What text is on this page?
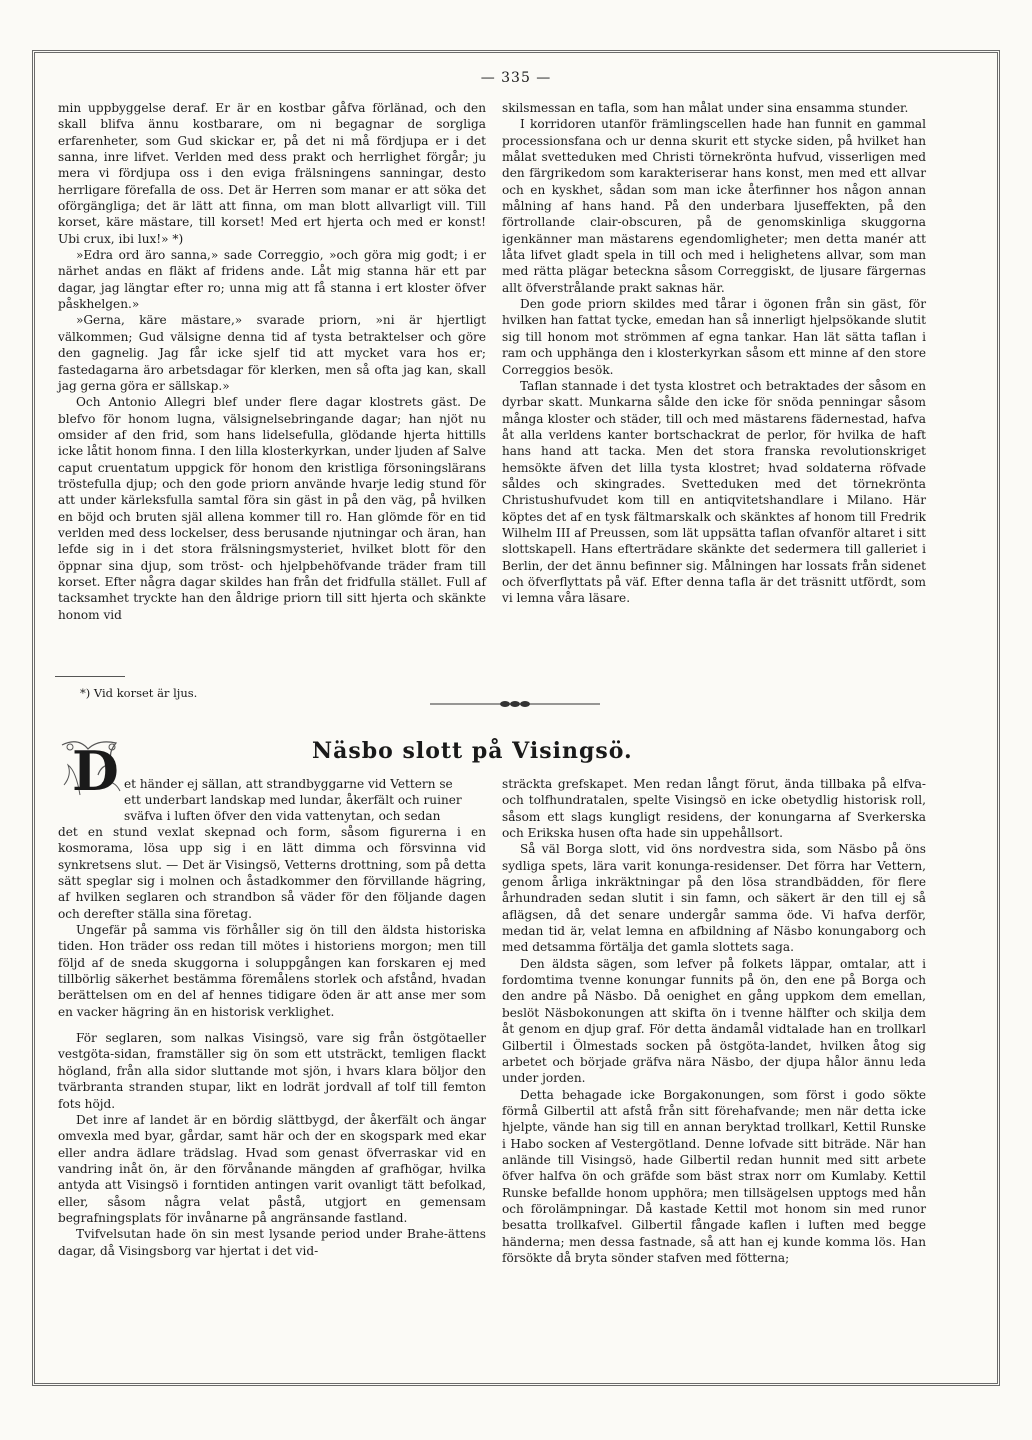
— 335 —

min uppbyggelse deraf. Er är en kostbar gåfva förlänad, och den skall blifva ännu kostbarare, om ni begagnar de sorgliga erfarenheter, som Gud skickar er, på det ni må fördjupa er i det sanna, inre lifvet. Verlden med dess prakt och herrlighet förgår; ju mera vi fördjupa oss i den eviga frälsningens sanningar, desto herrligare förefalla de oss. Det är Herren som manar er att söka det oförgängliga; det är lätt att finna, om man blott allvarligt vill. Till korset, käre mästare, till korset! Med ert hjerta och med er konst! Ubi crux, ibi lux!» *)

»Edra ord äro sanna,» sade Correggio, »och göra mig godt; i er närhet andas en fläkt af fridens ande. Låt mig stanna här ett par dagar, jag längtar efter ro; unna mig att få stanna i ert kloster öfver påskhelgen.»

»Gerna, käre mästare,» svarade priorn, »ni är hjertligt välkommen; Gud välsigne denna tid af tysta betraktelser och göre den gagnelig. Jag får icke sjelf tid att mycket vara hos er; fastedagarna äro arbetsdagar för klerken, men så ofta jag kan, skall jag gerna göra er sällskap.»

Och Antonio Allegri blef under flere dagar klostrets gäst. De blefvo för honom lugna, välsignelsebringande dagar; han njöt nu omsider af den frid, som hans lidelsefulla, glödande hjerta hittills icke låtit honom finna. I den lilla klosterkyrkan, under ljuden af Salve caput cruentatum uppgick för honom den kristliga försoningslärans tröstefulla djup; och den gode priorn använde hvarje ledig stund för att under kärleksfulla samtal föra sin gäst in på den väg, på hvilken en böjd och bruten själ allena kommer till ro. Han glömde för en tid verlden med dess lockelser, dess berusande njutningar och äran, han lefde sig in i det stora frälsningsmysteriet, hvilket blott för den öppnar sina djup, som tröst- och hjelpbehöfvande träder fram till korset. Efter några dagar skildes han från det fridfulla stället. Full af tacksamhet tryckte han den åldrige priorn till sitt hjerta och skänkte honom vid

*) Vid korset är ljus.

skilsmessan en tafla, som han målat under sina ensamma stunder.

I korridoren utanför främlingscellen hade han funnit en gammal processionsfana och ur denna skurit ett stycke siden, på hvilket han målat svetteduken med Christi törnekrönta hufvud, visserligen med den färgrikedom som karakteriserar hans konst, men med ett allvar och en kyskhet, sådan som man icke återfinner hos någon annan målning af hans hand. På den underbara ljuseffekten, på den förtrollande clair-obscuren, på de genomskinliga skuggorna igenkänner man mästarens egendomligheter; men detta manér att låta lifvet gladt spela in till och med i helighetens allvar, som man med rätta plägar beteckna såsom Correggiskt, de ljusare färgernas allt öfverstrålande prakt saknas här.

Den gode priorn skildes med tårar i ögonen från sin gäst, för hvilken han fattat tycke, emedan han så innerligt hjelpsökande slutit sig till honom mot strömmen af egna tankar. Han lät sätta taflan i ram och upphänga den i klosterkyrkan såsom ett minne af den store Correggios besök.

Taflan stannade i det tysta klostret och betraktades der såsom en dyrbar skatt. Munkarna sålde den icke för snöda penningar såsom många kloster och städer, till och med mästarens fädernestad, hafva åt alla verldens kanter bortschackrat de perlor, för hvilka de haft hans hand att tacka. Men det stora franska revolutionskriget hemsökte äfven det lilla tysta klostret; hvad soldaterna röfvade såldes och skingrades. Svetteduken med det törnekrönta Christushufvudet kom till en antiqvitetshandlare i Milano. Här köptes det af en tysk fältmarskalk och skänktes af honom till Fredrik Wilhelm III af Preussen, som lät uppsätta taflan ofvanför altaret i sitt slottskapell. Hans efterträdare skänkte det sedermera till galleriet i Berlin, der det ännu befinner sig. Målningen har lossats från sidenet och öfverflyttats på väf. Efter denna tafla är det träsnitt utfördt, som vi lemna våra läsare.

Näsbo slott på Visingsö.
D et händer ej sällan, att strandbyggarne vid Vettern se
ett underbart landskap med lundar, åkerfält och ruiner
sväfva i luften öfver den vida vattenytan, och sedan

det en stund vexlat skepnad och form, såsom figurerna i en kosmorama, lösa upp sig i en lätt dimma och försvinna vid synkretsens slut. — Det är Visingsö, Vetterns drottning, som på detta sätt speglar sig i molnen och åstadkommer den förvillande hägring, af hvilken seglaren och strandbon så väder för den följande dagen och derefter ställa sina företag.

Ungefär på samma vis förhåller sig ön till den äldsta historiska tiden. Hon träder oss redan till mötes i historiens morgon; men till följd af de sneda skuggorna i soluppgången kan forskaren ej med tillbörlig säkerhet bestämma föremålens storlek och afstånd, hvadan berättelsen om en del af hennes tidigare öden är att anse mer som en vacker hägring än en historisk verklighet.

För seglaren, som nalkas Visingsö, vare sig från östgötaeller vestgöta-sidan, framställer sig ön som ett utsträckt, temligen flackt högland, från alla sidor sluttande mot sjön, i hvars klara böljor den tvärbranta stranden stupar, likt en lodrät jordvall af tolf till femton fots höjd.

Det inre af landet är en bördig slättbygd, der åkerfält och ängar omvexla med byar, gårdar, samt här och der en skogspark med ekar eller andra ädlare trädslag. Hvad som genast öfverraskar vid en vandring inåt ön, är den förvånande mängden af grafhögar, hvilka antyda att Visingsö i forntiden antingen varit ovanligt tätt befolkad, eller, såsom några velat påstå, utgjort en gemensam begrafningsplats för invånarne på angränsande fastland.

Tvifvelsutan hade ön sin mest lysande period under Brahe-ättens dagar, då Visingsborg var hjertat i det vid-

sträckta grefskapet. Men redan långt förut, ända tillbaka på elfva- och tolfhundratalen, spelte Visingsö en icke obetydlig historisk roll, såsom ett slags kungligt residens, der konungarna af Sverkerska och Erikska husen ofta hade sin uppehållsort.

Så väl Borga slott, vid öns nordvestra sida, som Näsbo på öns sydliga spets, lära varit konunga-residenser. Det förra har Vettern, genom årliga inkräktningar på den lösa strandbädden, för flere århundraden sedan slutit i sin famn, och säkert är den till ej så aflägsen, då det senare undergår samma öde. Vi hafva derför, medan tid är, velat lemna en afbildning af Näsbo konungaborg och med detsamma förtälja det gamla slottets saga.

Den äldsta sägen, som lefver på folkets läppar, omtalar, att i fordomtima tvenne konungar funnits på ön, den ene på Borga och den andre på Näsbo. Då oenighet en gång uppkom dem emellan, beslöt Näsbokonungen att skifta ön i tvenne hälfter och skilja dem åt genom en djup graf. För detta ändamål vidtalade han en trollkarl Gilbertil i Ölmestads socken på östgöta-landet, hvilken åtog sig arbetet och började gräfva nära Näsbo, der djupa hålor ännu leda under jorden.

Detta behagade icke Borgakonungen, som först i godo sökte förmå Gilbertil att afstå från sitt förehafvande; men när detta icke hjelpte, vände han sig till en annan beryktad trollkarl, Kettil Runske i Habo socken af Vestergötland. Denne lofvade sitt biträde. När han anlände till Visingsö, hade Gilbertil redan hunnit med sitt arbete öfver halfva ön och gräfde som bäst strax norr om Kumlaby. Kettil Runske befallde honom upphöra; men tillsägelsen upptogs med hån och förolämpningar. Då kastade Kettil mot honom sin med runor besatta trollkafvel. Gilbertil fångade kaflen i luften med begge händerna; men dessa fastnade, så att han ej kunde komma lös. Han försökte då bryta sönder stafven med fötterna;
